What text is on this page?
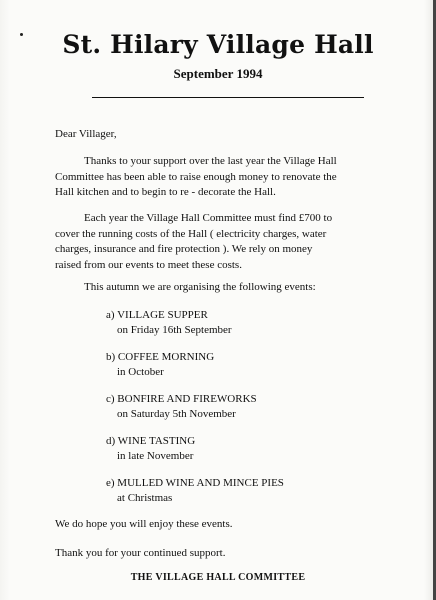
St. Hilary Village Hall
September 1994
Dear Villager,
Thanks to your support over the last year the Village Hall
Committee has been able to raise enough money to renovate the
Hall kitchen and to begin to re - decorate the Hall.
Each year the Village Hall Committee must find £700 to
cover the running costs of the Hall ( electricity charges, water
charges, insurance and fire protection ). We rely on money
raised from our events to meet these costs.
This autumn we are organising the following events:
a) VILLAGE SUPPER
on Friday 16th September
b) COFFEE MORNING
in October
c) BONFIRE AND FIREWORKS
on Saturday 5th November
d) WINE TASTING
in late November
e) MULLED WINE AND MINCE PIES
at Christmas
We do hope you will enjoy these events.
Thank you for your continued support.
THE VILLAGE HALL COMMITTEE
